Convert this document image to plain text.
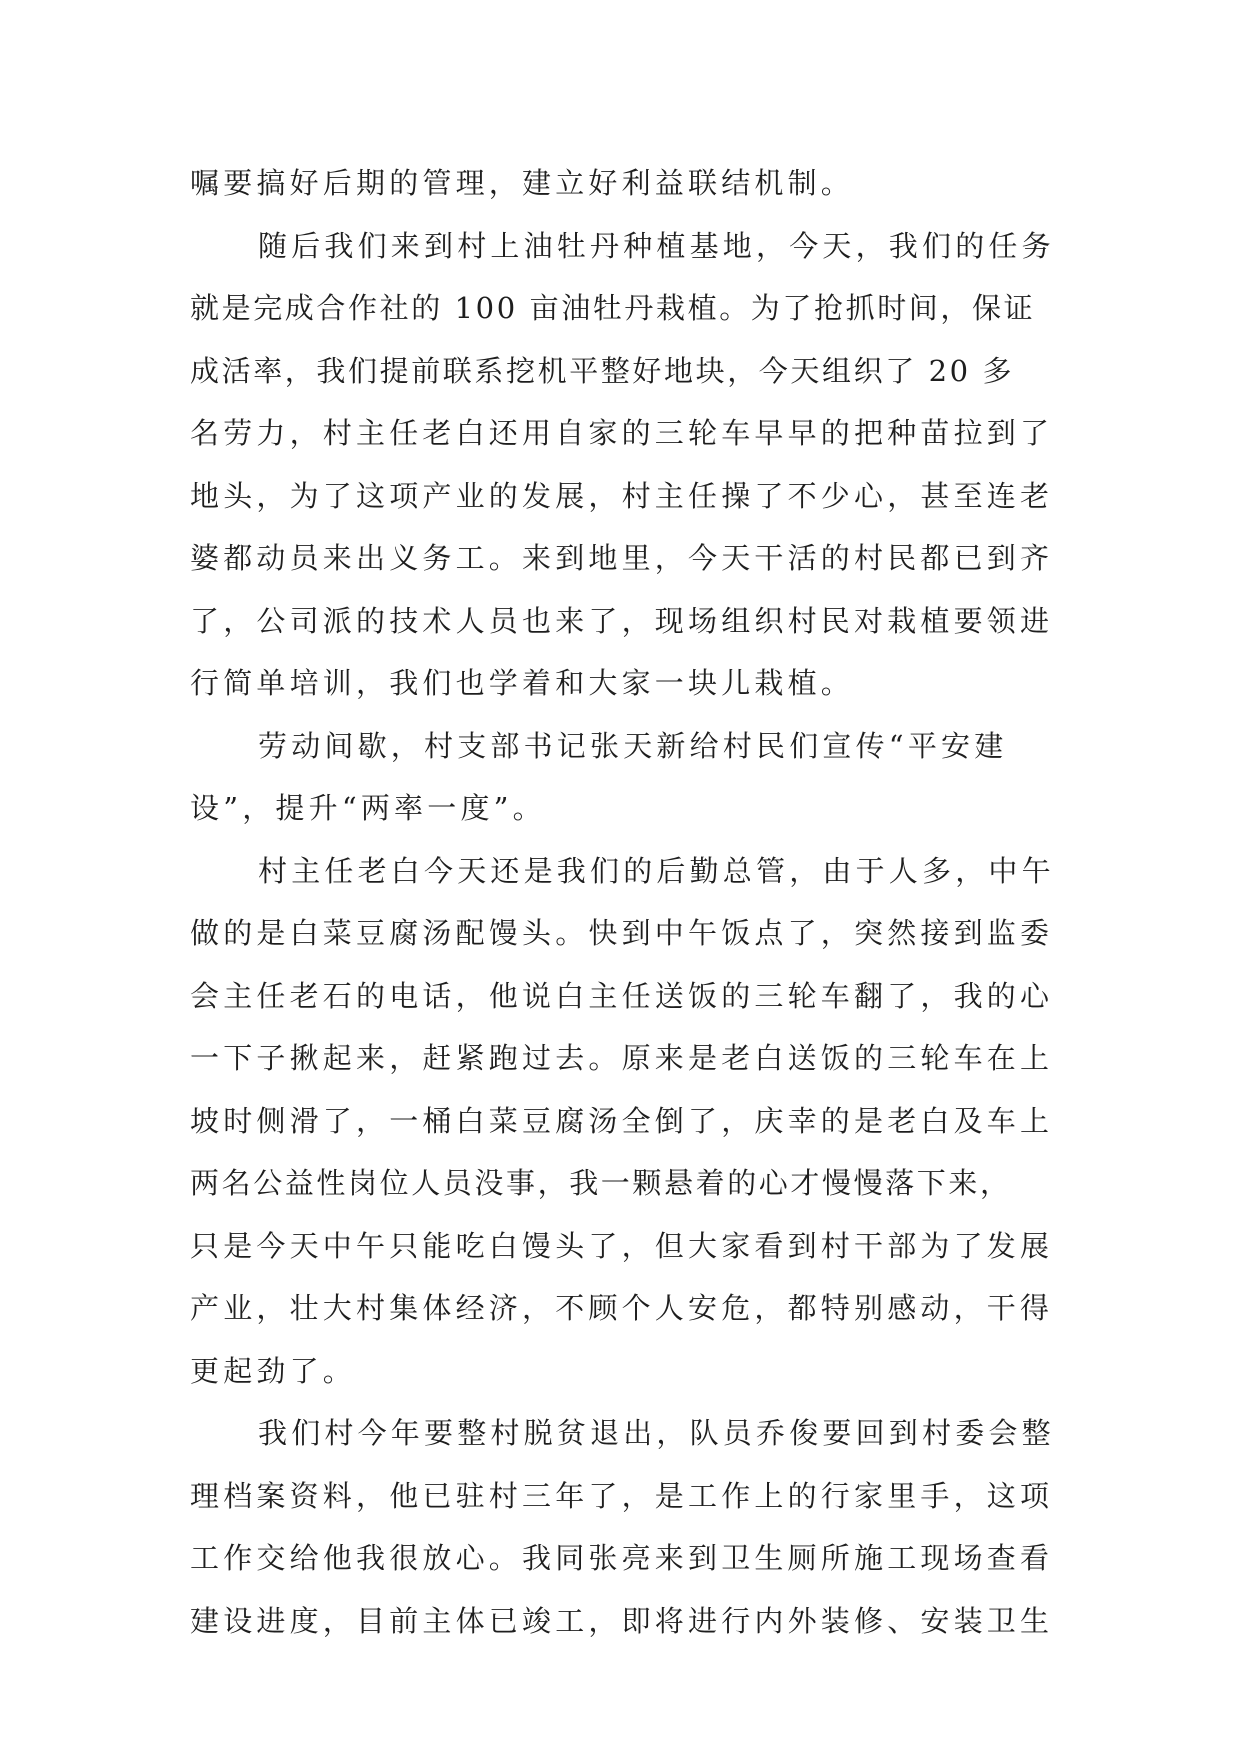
嘱要搞好后期的管理，建立好利益联结机制。

随后我们来到村上油牡丹种植基地，今天，我们的任务
就是完成合作社的 100 亩油牡丹栽植。为了抢抓时间，保证
成活率，我们提前联系挖机平整好地块，今天组织了 20 多
名劳力，村主任老白还用自家的三轮车早早的把种苗拉到了
地头，为了这项产业的发展，村主任操了不少心，甚至连老
婆都动员来出义务工。来到地里，今天干活的村民都已到齐
了，公司派的技术人员也来了，现场组织村民对栽植要领进
行简单培训，我们也学着和大家一块儿栽植。

劳动间歇，村支部书记张天新给村民们宣传“平安建
设”，提升“两率一度”。

村主任老白今天还是我们的后勤总管，由于人多，中午
做的是白菜豆腐汤配馒头。快到中午饭点了，突然接到监委
会主任老石的电话，他说白主任送饭的三轮车翻了，我的心
一下子揪起来，赶紧跑过去。原来是老白送饭的三轮车在上
坡时侧滑了，一桶白菜豆腐汤全倒了，庆幸的是老白及车上
两名公益性岗位人员没事，我一颗悬着的心才慢慢落下来，
只是今天中午只能吃白馒头了，但大家看到村干部为了发展
产业，壮大村集体经济，不顾个人安危，都特别感动，干得
更起劲了。

我们村今年要整村脱贫退出，队员乔俊要回到村委会整
理档案资料，他已驻村三年了，是工作上的行家里手，这项
工作交给他我很放心。我同张亮来到卫生厕所施工现场查看
建设进度，目前主体已竣工，即将进行内外装修、安装卫生
